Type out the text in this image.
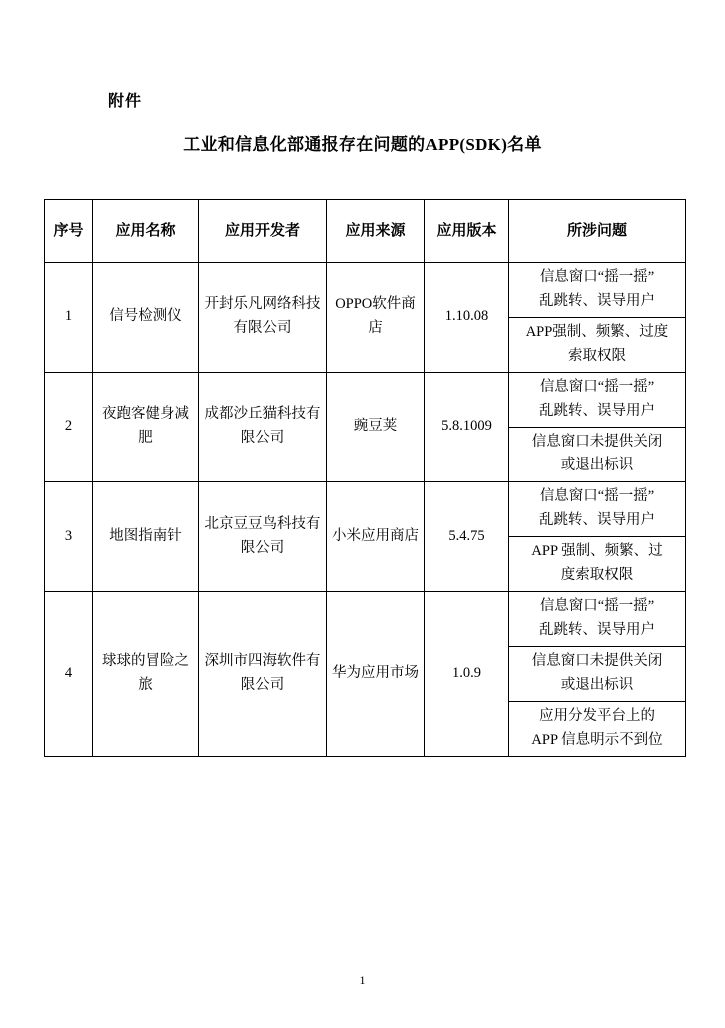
附件
工业和信息化部通报存在问题的APP(SDK)名单
序号	应用名称	应用开发者	应用来源	应用版本	所涉问题
1	信号检测仪	开封乐凡网络科技有限公司	OPPO软件商店	1.10.08	信息窗口“摇一摇”
乱跳转、误导用户

					APP强制、频繁、过度
索取权限

2	夜跑客健身减肥	成都沙丘猫科技有限公司	豌豆荚	5.8.1009	信息窗口“摇一摇”
乱跳转、误导用户

					信息窗口未提供关闭
或退出标识

3	地图指南针	北京豆豆鸟科技有限公司	小米应用商店	5.4.75	信息窗口“摇一摇”
乱跳转、误导用户

					APP 强制、频繁、过
度索取权限

4	球球的冒险之旅	深圳市四海软件有限公司	华为应用市场	1.0.9	信息窗口“摇一摇”
乱跳转、误导用户

					信息窗口未提供关闭
或退出标识

					应用分发平台上的
APP 信息明示不到位
1
